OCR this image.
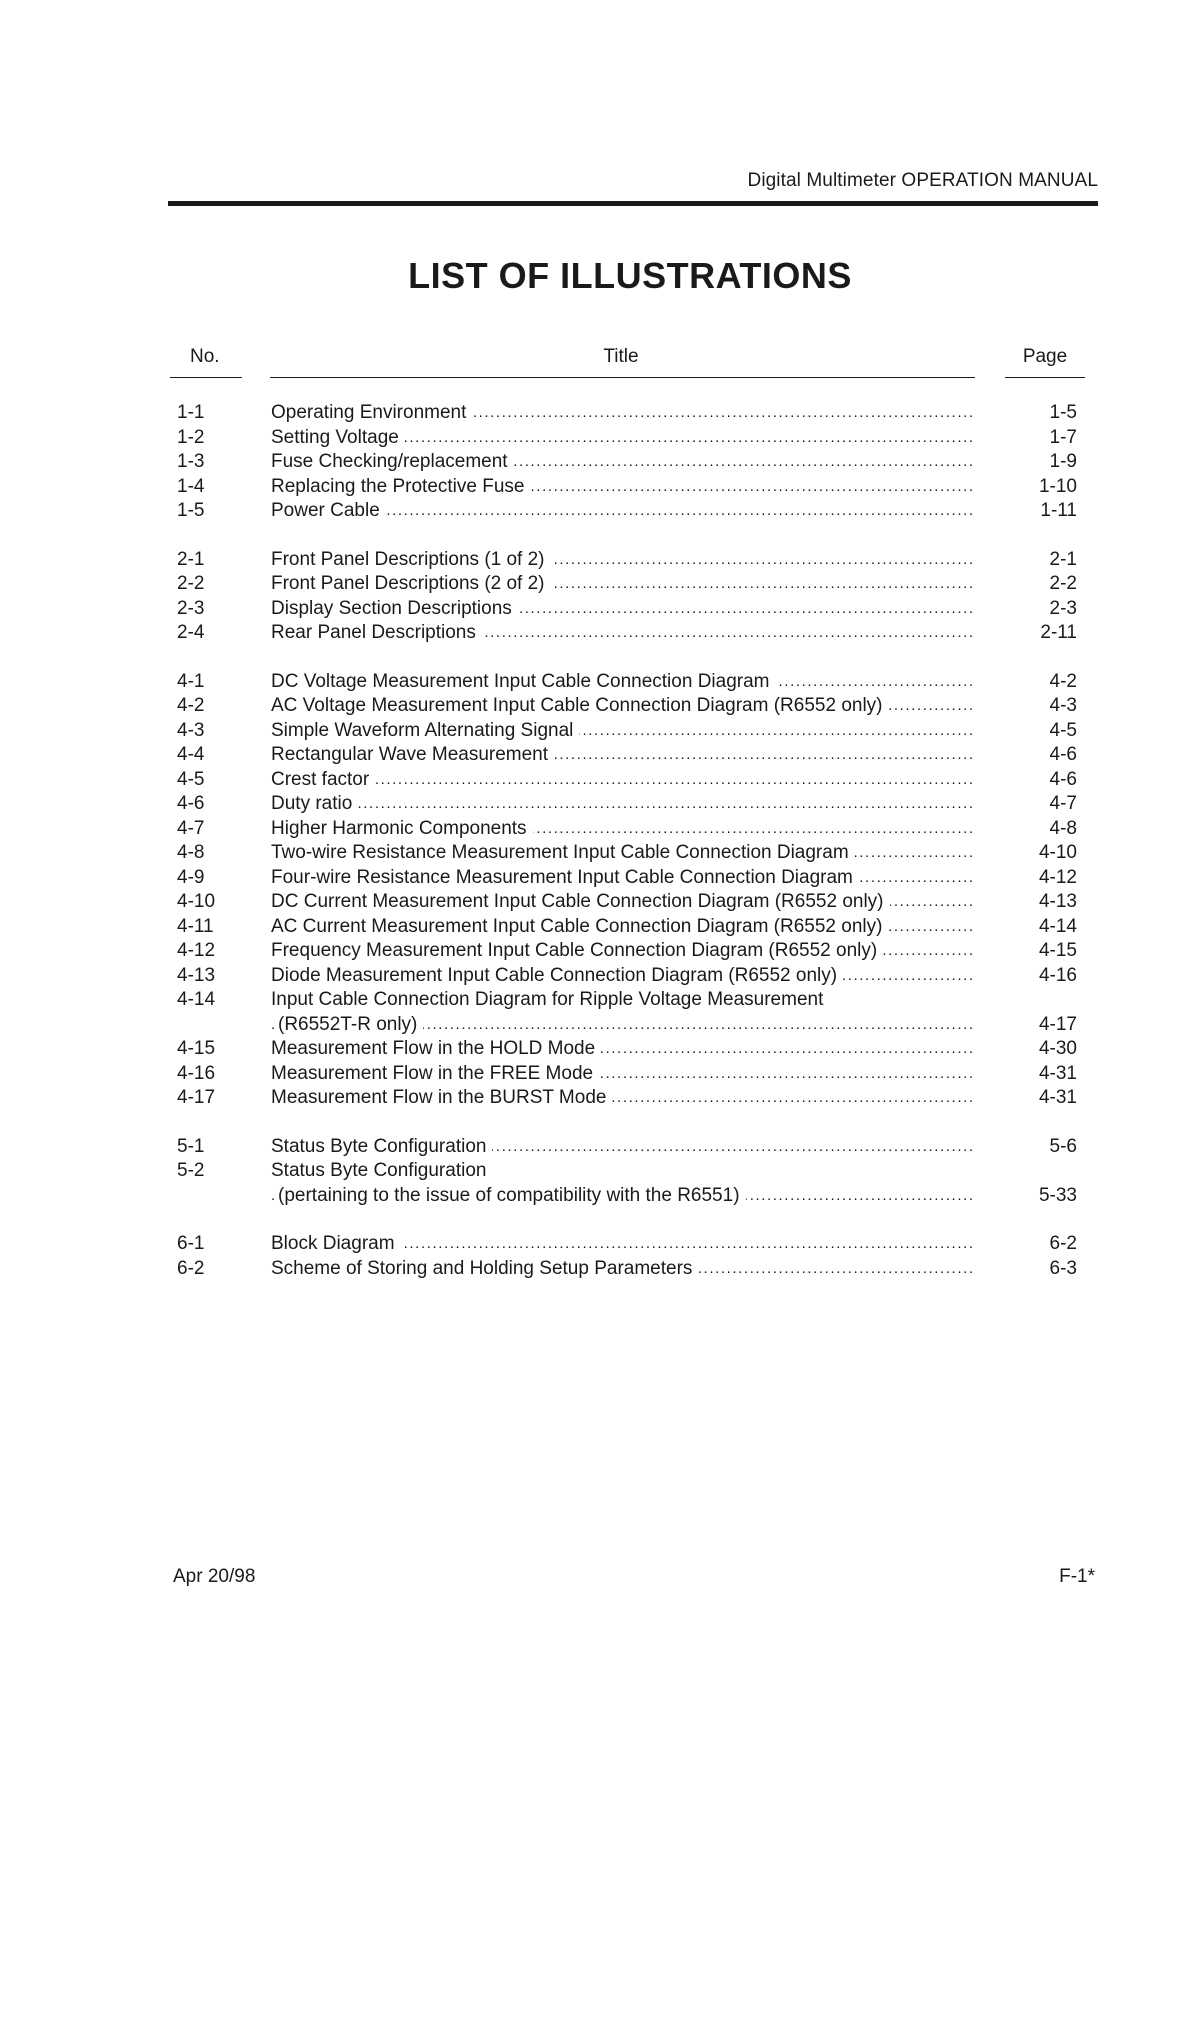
Digital Multimeter OPERATION MANUAL
LIST OF ILLUSTRATIONS
No.	Title	Page
1-1	Operating Environment .....	1-5
1-2	Setting Voltage .....	1-7
1-3	Fuse Checking/replacement .....	1-9
1-4	Replacing the Protective Fuse .....	1-10
1-5	Power Cable .....	1-11
2-1	Front Panel Descriptions (1 of 2) .....	2-1
2-2	Front Panel Descriptions (2 of 2) .....	2-2
2-3	Display Section Descriptions .....	2-3
2-4	Rear Panel Descriptions .....	2-11
4-1	DC Voltage Measurement Input Cable Connection Diagram .....	4-2
4-2	AC Voltage Measurement Input Cable Connection Diagram (R6552 only) .....	4-3
4-3	Simple Waveform Alternating Signal .....	4-5
4-4	Rectangular Wave Measurement .....	4-6
4-5	Crest factor .....	4-6
4-6	Duty ratio .....	4-7
4-7	Higher Harmonic Components .....	4-8
4-8	Two-wire Resistance Measurement Input Cable Connection Diagram .....	4-10
4-9	Four-wire Resistance Measurement Input Cable Connection Diagram .....	4-12
4-10	DC Current Measurement Input Cable Connection Diagram (R6552 only) .....	4-13
4-11	AC Current Measurement Input Cable Connection Diagram (R6552 only) .....	4-14
4-12	Frequency Measurement Input Cable Connection Diagram (R6552 only) .....	4-15
4-13	Diode Measurement Input Cable Connection Diagram (R6552 only) .....	4-16
4-14	Input Cable Connection Diagram for Ripple Voltage Measurement
(R6552T-R only) .....	4-17
4-15	Measurement Flow in the HOLD Mode .....	4-30
4-16	Measurement Flow in the FREE Mode .....	4-31
4-17	Measurement Flow in the BURST Mode .....	4-31
5-1	Status Byte Configuration .....	5-6
5-2	Status Byte Configuration
(pertaining to the issue of compatibility with the R6551) .....	5-33
6-1	Block Diagram .....	6-2
6-2	Scheme of Storing and Holding Setup Parameters .....	6-3
Apr 20/98	F-1*
